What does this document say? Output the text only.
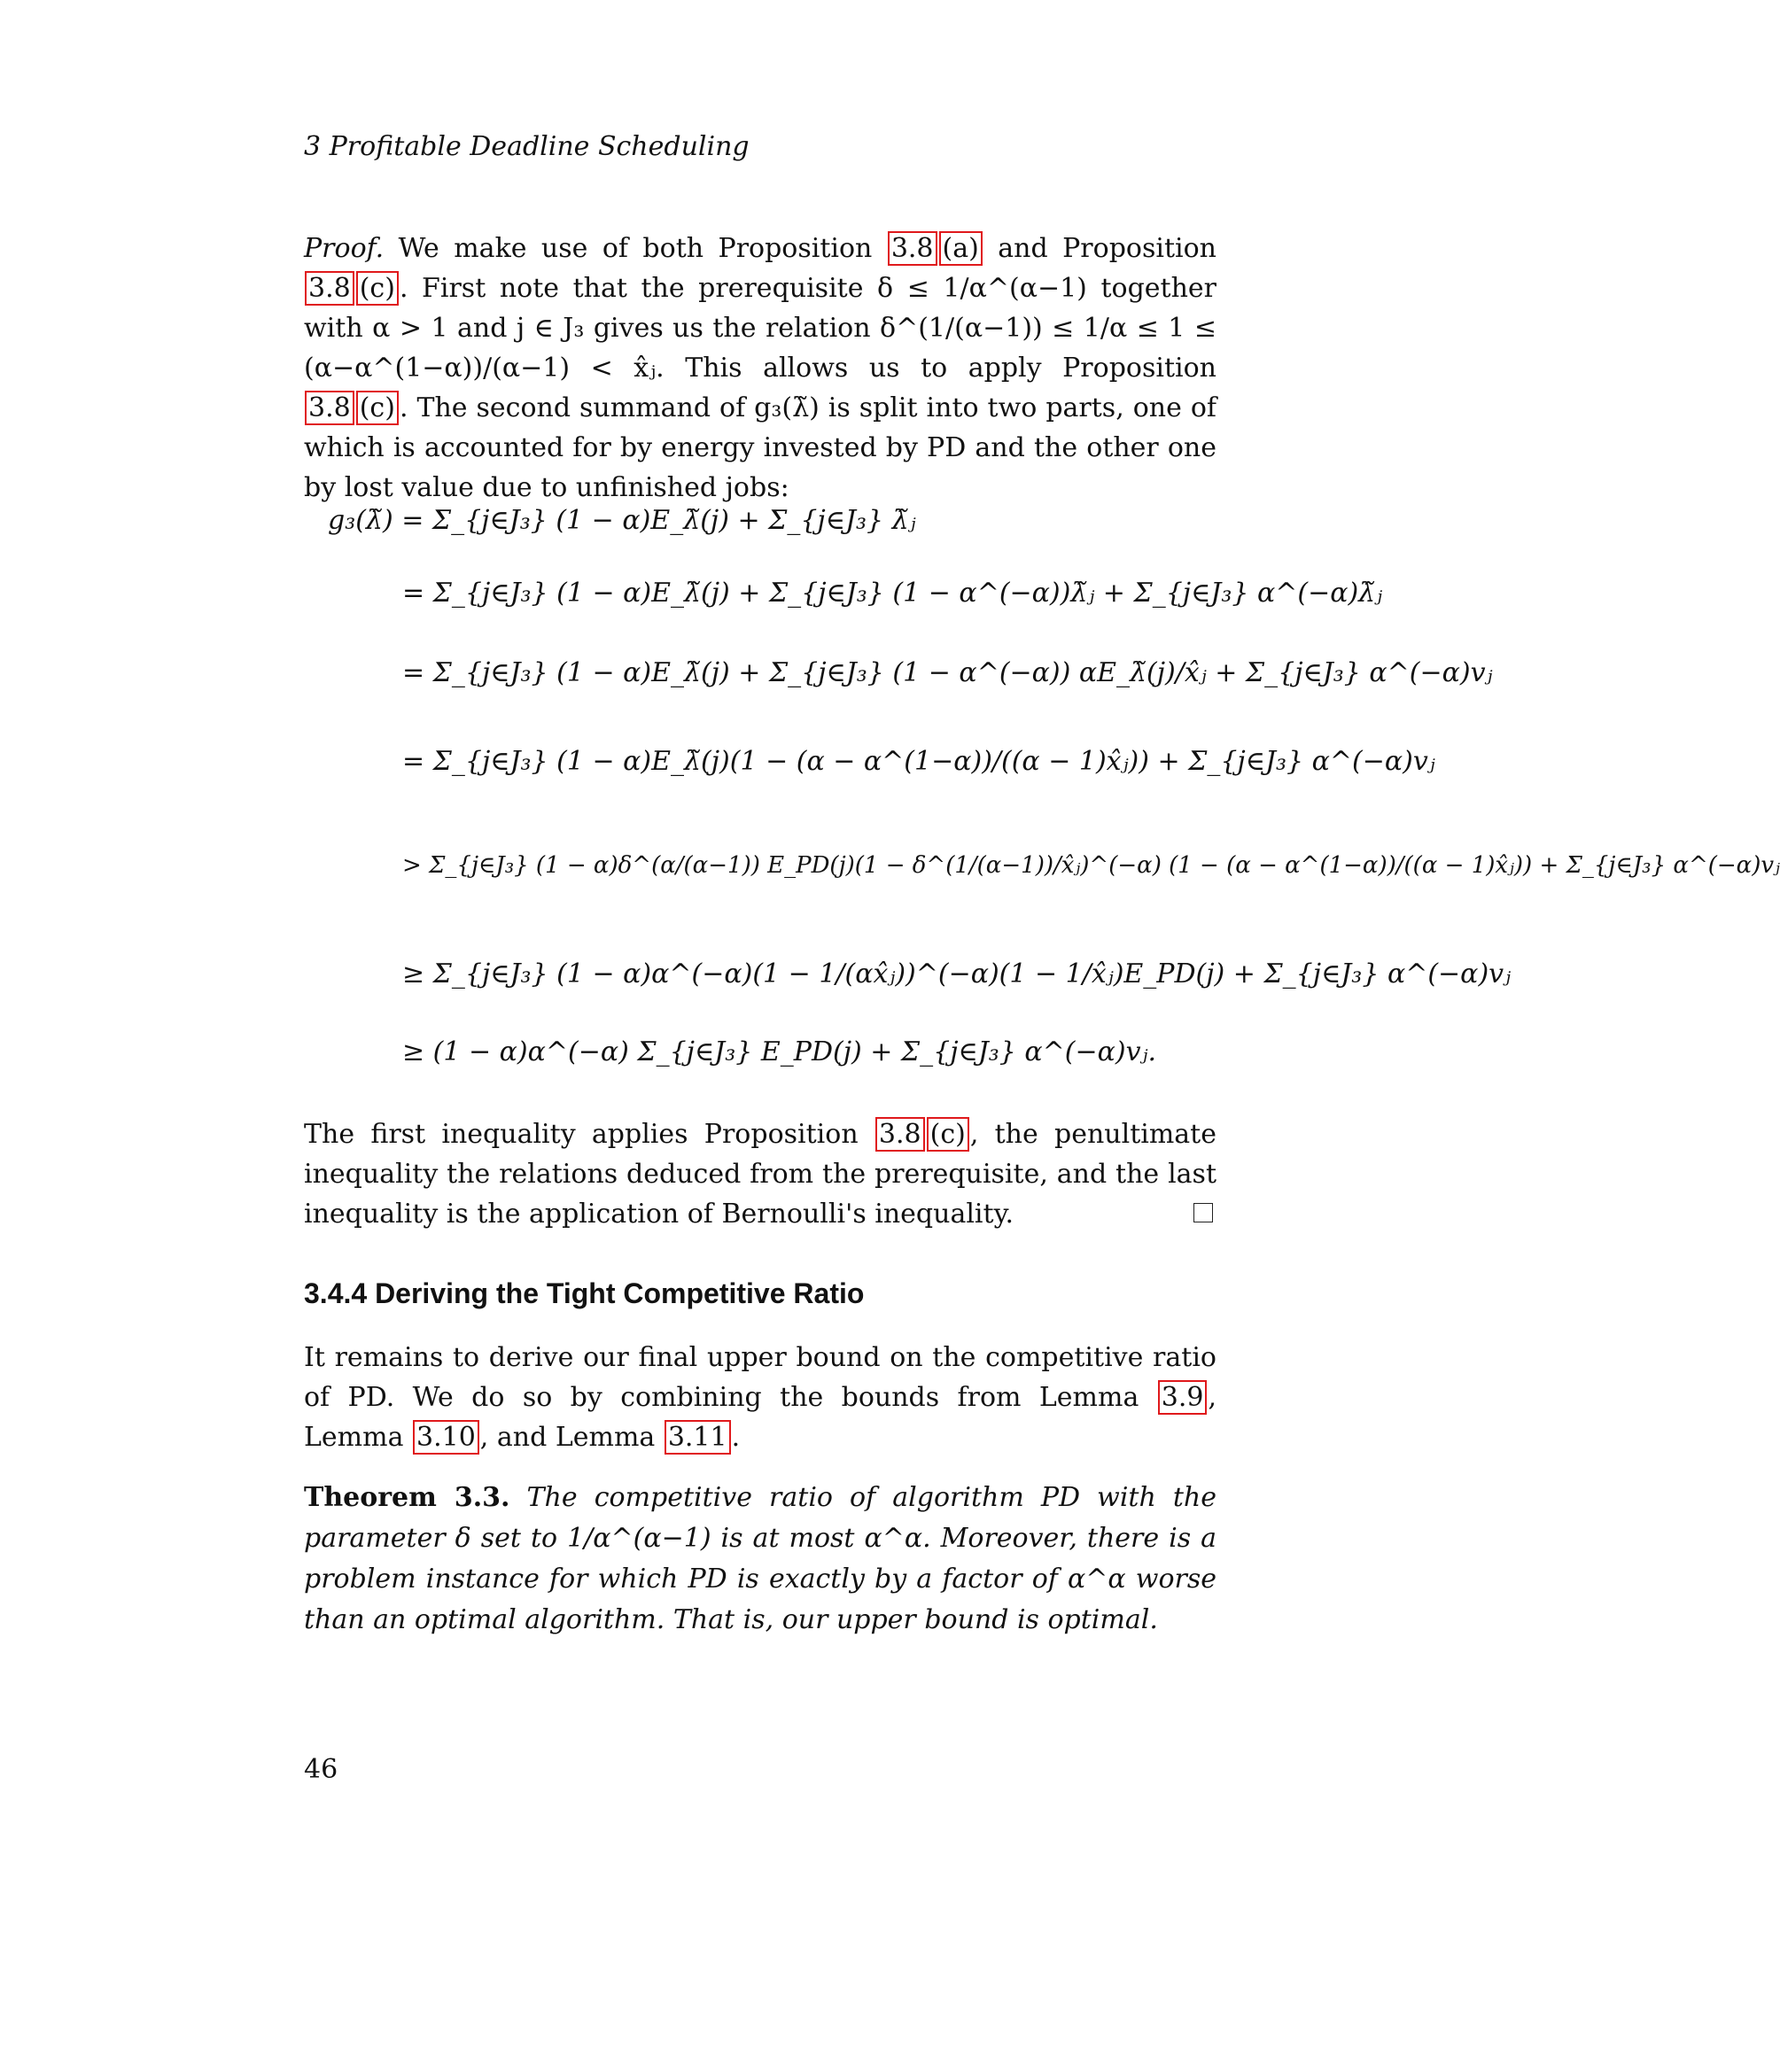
3 Profitable Deadline Scheduling
Proof. We make use of both Proposition 3.8 (a) and Proposition 3.8 (c) . First note that the prerequisite δ ≤ 1/α^(α−1) together with α > 1 and j ∈ J₃ gives us the relation δ^(1/(α−1)) ≤ 1/α ≤ 1 ≤ (α−α^(1−α))/(α−1) < x̂ⱼ. This allows us to apply Proposition 3.8 (c) . The second summand of g₃(λ̃) is split into two parts, one of which is accounted for by energy invested by PD and the other one by lost value due to unfinished jobs:
g₃(λ̃) = Σ_{j∈J₃} (1 − α)E_λ̃(j) + Σ_{j∈J₃} λ̃ⱼ
= Σ_{j∈J₃} (1 − α)E_λ̃(j) + Σ_{j∈J₃} (1 − α^(−α))λ̃ⱼ + Σ_{j∈J₃} α^(−α)λ̃ⱼ
= Σ_{j∈J₃} (1 − α)E_λ̃(j) + Σ_{j∈J₃} (1 − α^(−α)) αE_λ̃(j)/x̂ⱼ + Σ_{j∈J₃} α^(−α)vⱼ
= Σ_{j∈J₃} (1 − α)E_λ̃(j)(1 − (α − α^(1−α))/((α − 1)x̂ⱼ)) + Σ_{j∈J₃} α^(−α)vⱼ
> Σ_{j∈J₃} (1 − α)δ^(α/(α−1)) E_PD(j)(1 − δ^(1/(α−1))/x̂ⱼ)^(−α) (1 − (α − α^(1−α))/((α − 1)x̂ⱼ)) + Σ_{j∈J₃} α^(−α)vⱼ
≥ Σ_{j∈J₃} (1 − α)α^(−α)(1 − 1/(αx̂ⱼ))^(−α)(1 − 1/x̂ⱼ)E_PD(j) + Σ_{j∈J₃} α^(−α)vⱼ
≥ (1 − α)α^(−α) Σ_{j∈J₃} E_PD(j) + Σ_{j∈J₃} α^(−α)vⱼ.
The first inequality applies Proposition 3.8 (c) , the penultimate inequality the relations deduced from the prerequisite, and the last inequality is the application of Bernoulli's inequality.
3.4.4 Deriving the Tight Competitive Ratio
It remains to derive our final upper bound on the competitive ratio of PD. We do so by combining the bounds from Lemma 3.9 , Lemma 3.10 , and Lemma 3.11 .
Theorem 3.3. The competitive ratio of algorithm PD with the parameter δ set to 1/α^(α−1) is at most α^α. Moreover, there is a problem instance for which PD is exactly by a factor of α^α worse than an optimal algorithm. That is, our upper bound is optimal.
46
